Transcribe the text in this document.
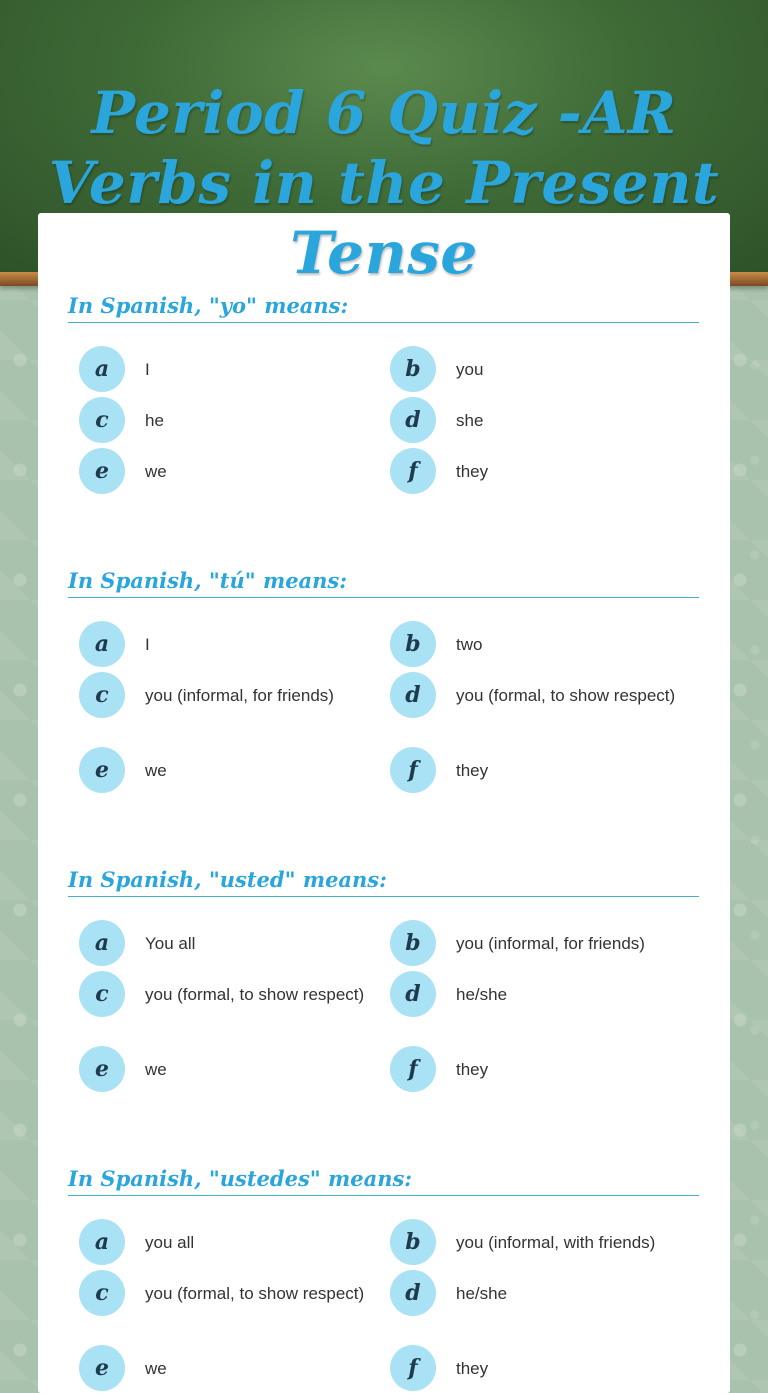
Period 6 Quiz -AR Verbs in the Present Tense
In Spanish, "yo" means:
a	I	b	you
c	he	d	she
e	we	f	they
In Spanish, "tú" means:
a	I	b	two
c	you (informal, for friends)	d	you (formal, to show respect)
e	we	f	they
In Spanish, "usted" means:
a	You all	b	you (informal, for friends)
c	you (formal, to show respect)	d	he/she
e	we	f	they
In Spanish, "ustedes" means:
a	you all	b	you (informal, with friends)
c	you (formal, to show respect)	d	he/she
e	we	f	they
